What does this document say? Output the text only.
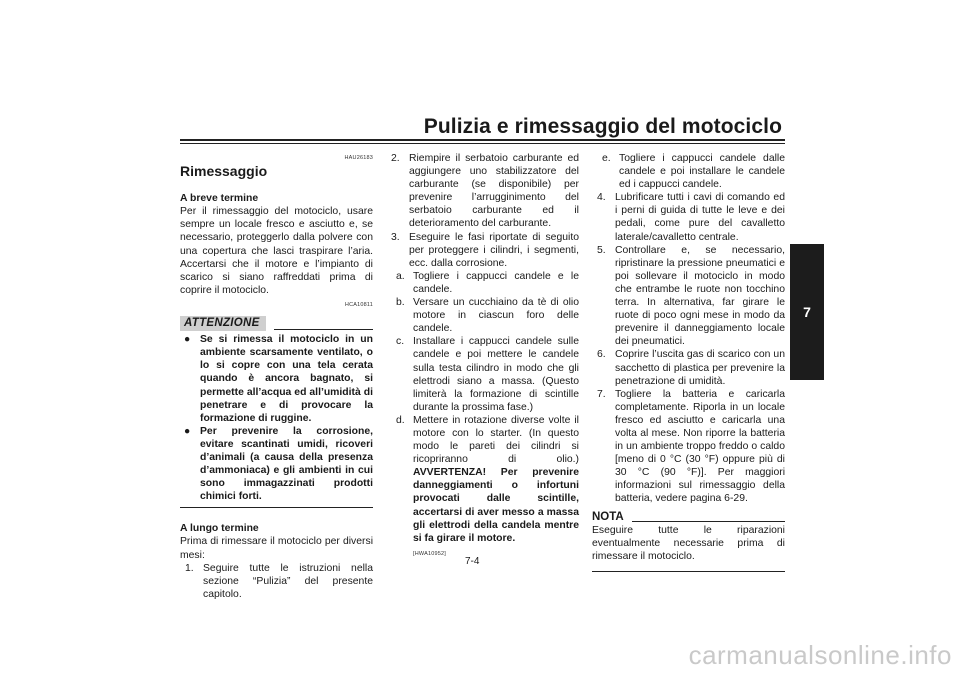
Pulizia e rimessaggio del motociclo
7
HAU26183
Rimessaggio
A breve termine
Per il rimessaggio del motociclo, usare sempre un locale fresco e asciutto e, se necessario, proteggerlo dalla polvere con una copertura che lasci traspirare l’aria. Accertarsi che il motore e l’impianto di scarico si siano raffreddati prima di coprire il motociclo.
HCA10811
ATTENZIONE
● Se si rimessa il motociclo in un ambiente scarsamente ventilato, o lo si copre con una tela cerata quando è ancora bagnato, si permette all’acqua ed all’umidità di penetrare e di provocare la formazione di ruggine.
● Per prevenire la corrosione, evitare scantinati umidi, ricoveri d’animali (a causa della presenza d’ammoniaca) e gli ambienti in cui sono immagazzinati prodotti chimici forti.
A lungo termine
Prima di rimessare il motociclo per diversi mesi:
1. Seguire tutte le istruzioni nella sezione “Pulizia” del presente capitolo.
2. Riempire il serbatoio carburante ed aggiungere uno stabilizzatore del carburante (se disponibile) per prevenire l’arrugginimento del serbatoio carburante ed il deterioramento del carburante.
3. Eseguire le fasi riportate di seguito per proteggere i cilindri, i segmenti, ecc. dalla corrosione.
a. Togliere i cappucci candele e le candele.
b. Versare un cucchiaino da tè di olio motore in ciascun foro delle candele.
c. Installare i cappucci candele sulle candele e poi mettere le candele sulla testa cilindro in modo che gli elettrodi siano a massa. (Questo limiterà la formazione di scintille durante la prossima fase.)
d. Mettere in rotazione diverse volte il motore con lo starter. (In questo modo le pareti dei cilindri si ricopriranno di olio.) AVVERTENZA! Per prevenire danneggiamenti o infortuni provocati dalle scintille, accertarsi di aver messo a massa gli elettrodi della candela mentre si fa girare il motore.
[HWA10952]
e. Togliere i cappucci candele dalle candele e poi installare le candele ed i cappucci candele.
4. Lubrificare tutti i cavi di comando ed i perni di guida di tutte le leve e dei pedali, come pure del cavalletto laterale/cavalletto centrale.
5. Controllare e, se necessario, ripristinare la pressione pneumatici e poi sollevare il motociclo in modo che entrambe le ruote non tocchino terra. In alternativa, far girare le ruote di poco ogni mese in modo da prevenire il danneggiamento locale dei pneumatici.
6. Coprire l’uscita gas di scarico con un sacchetto di plastica per prevenire la penetrazione di umidità.
7. Togliere la batteria e caricarla completamente. Riporla in un locale fresco ed asciutto e caricarla una volta al mese. Non riporre la batteria in un ambiente troppo freddo o caldo [meno di 0 °C (30 °F) oppure più di 30 °C (90 °F)]. Per maggiori informazioni sul rimessaggio della batteria, vedere pagina 6-29.
NOTA
Eseguire tutte le riparazioni eventualmente necessarie prima di rimessare il motociclo.
7-4
carmanualsonline.info
